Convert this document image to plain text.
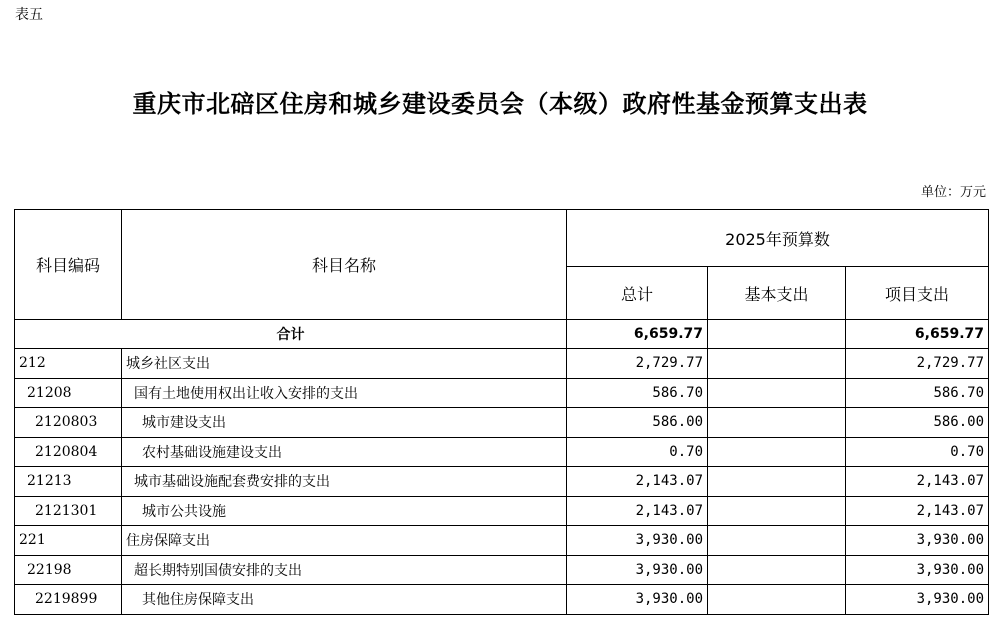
表五
重庆市北碚区住房和城乡建设委员会（本级）政府性基金预算支出表
单位：万元
科目编码	科目名称	2025年预算数		
		总计	基本支出	项目支出
合计		6,659.77		6,659.77
212	城乡社区支出	2,729.77		2,729.77
21208	国有土地使用权出让收入安排的支出	586.70		586.70
2120803	城市建设支出	586.00		586.00
2120804	农村基础设施建设支出	0.70		0.70
21213	城市基础设施配套费安排的支出	2,143.07		2,143.07
2121301	城市公共设施	2,143.07		2,143.07
221	住房保障支出	3,930.00		3,930.00
22198	超长期特别国债安排的支出	3,930.00		3,930.00
2219899	其他住房保障支出	3,930.00		3,930.00
